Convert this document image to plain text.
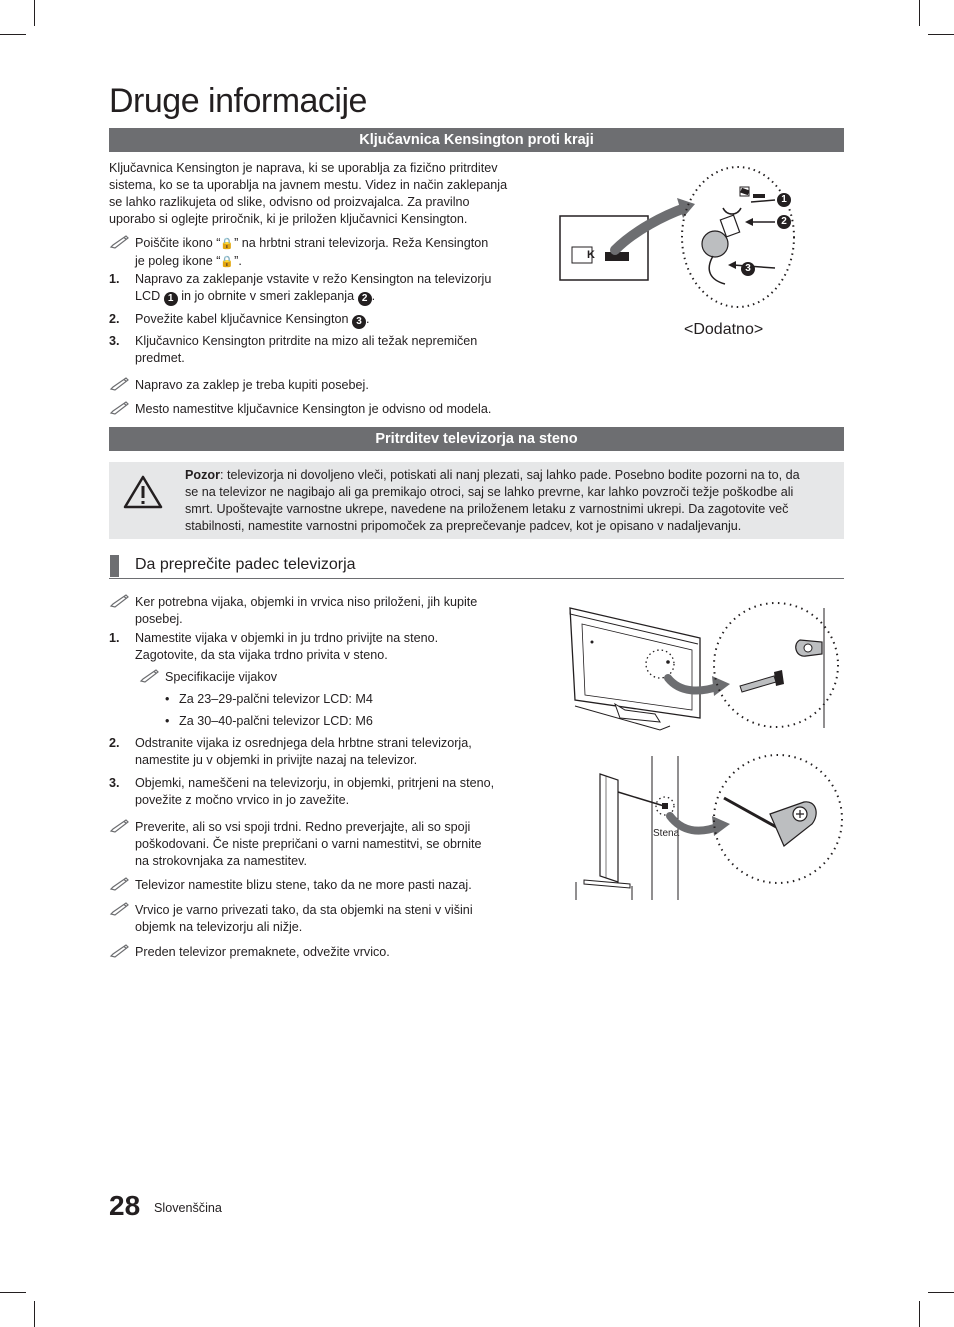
Druge informacije
Ključavnica Kensington proti kraji
Ključavnica Kensington je naprava, ki se uporablja za fizično pritrditev
sistema, ko se ta uporablja na javnem mestu. Videz in način zaklepanja
se lahko razlikujeta od slike, odvisno od proizvajalca. Za pravilno
uporabo si oglejte priročnik, ki je priložen ključavnici Kensington.
Poiščite ikono “🔒” na hrbtni strani televizorja. Reža Kensington
je poleg ikone “🔒”.
1. Napravo za zaklepanje vstavite v režo Kensington na televizorju
LCD 1 in jo obrnite v smeri zaklepanja 2 .
2. Povežite kabel ključavnice Kensington 3 .
3. Ključavnico Kensington pritrdite na mizo ali težak nepremičen
predmet.
Napravo za zaklep je treba kupiti posebej.
Mesto namestitve ključavnice Kensington je odvisno od modela.
K
1
2
3
<Dodatno>
Pritrditev televizorja na steno
Pozor: televizorja ni dovoljeno vleči, potiskati ali nanj plezati, saj lahko pade. Posebno bodite pozorni na to, da
se na televizor ne nagibajo ali ga premikajo otroci, saj se lahko prevrne, kar lahko povzroči težje poškodbe ali
smrt. Upoštevajte varnostne ukrepe, navedene na priloženem letaku z varnostnimi ukrepi. Da zagotovite več
stabilnosti, namestite varnostni pripomoček za preprečevanje padcev, kot je opisano v nadaljevanju.
Da preprečite padec televizorja
Ker potrebna vijaka, objemki in vrvica niso priloženi, jih kupite
posebej.
1. Namestite vijaka v objemki in ju trdno privijte na steno.
Zagotovite, da sta vijaka trdno privita v steno.
Specifikacije vijakov
• Za 23–29-palčni televizor LCD: M4
• Za 30–40-palčni televizor LCD: M6
2. Odstranite vijaka iz osrednjega dela hrbtne strani televizorja,
namestite ju v objemki in privijte nazaj na televizor.
3. Objemki, nameščeni na televizorju, in objemki, pritrjeni na steno,
povežite z močno vrvico in jo zavežite.
Preverite, ali so vsi spoji trdni. Redno preverjajte, ali so spoji
poškodovani. Če niste prepričani o varni namestitvi, se obrnite
na strokovnjaka za namestitev.
Televizor namestite blizu stene, tako da ne more pasti nazaj.
Vrvico je varno privezati tako, da sta objemki na steni v višini
objemk na televizorju ali nižje.
Preden televizor premaknete, odvežite vrvico.
Stena
28 Slovenščina
